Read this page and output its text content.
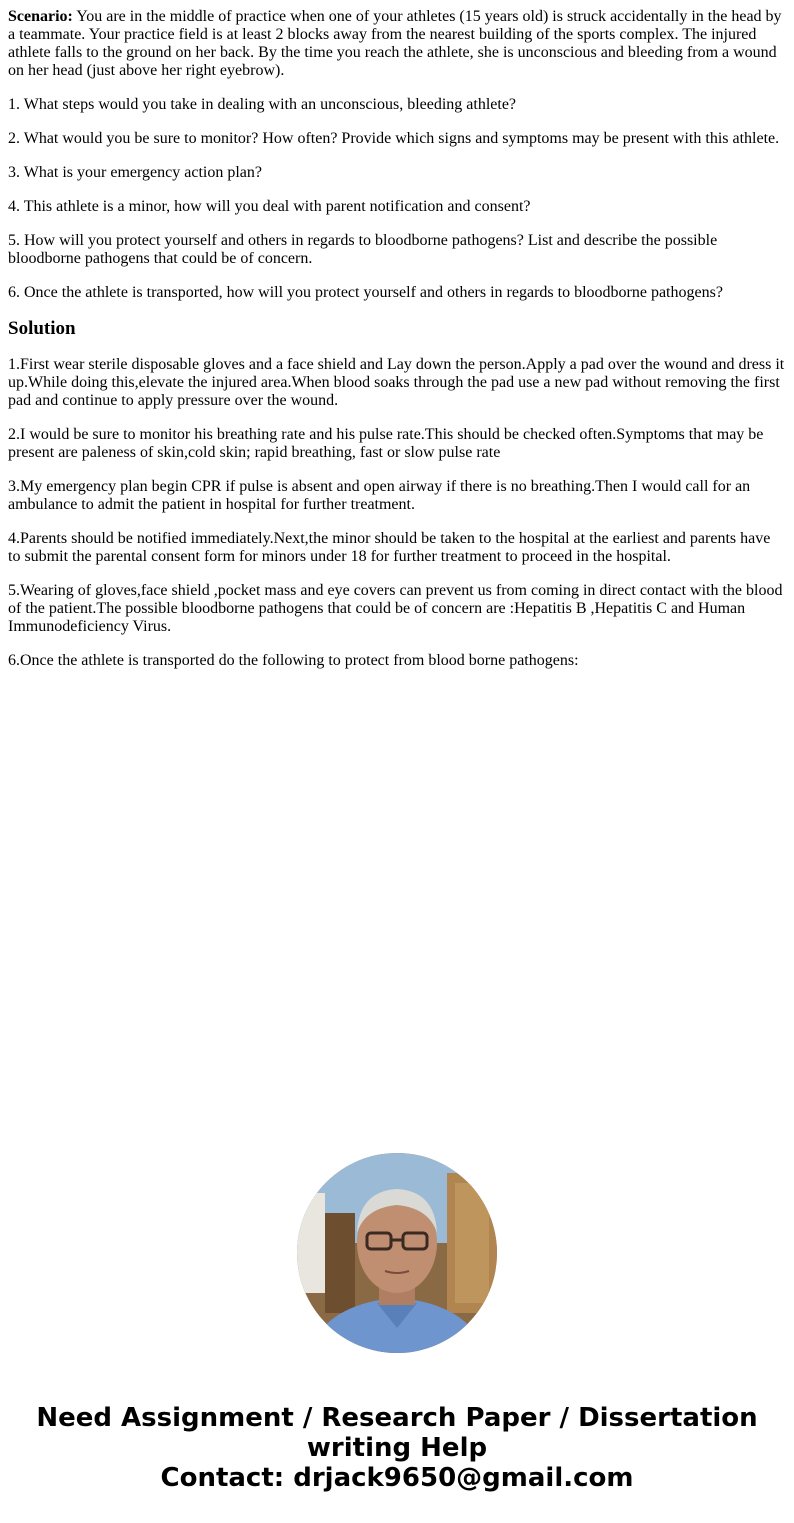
Scenario: You are in the middle of practice when one of your athletes (15 years old) is struck accidentally in the head by a teammate. Your practice field is at least 2 blocks away from the nearest building of the sports complex. The injured athlete falls to the ground on her back. By the time you reach the athlete, she is unconscious and bleeding from a wound on her head (just above her right eyebrow).

1. What steps would you take in dealing with an unconscious, bleeding athlete?

2. What would you be sure to monitor? How often? Provide which signs and symptoms may be present with this athlete.

3. What is your emergency action plan?

4. This athlete is a minor, how will you deal with parent notification and consent?

5. How will you protect yourself and others in regards to bloodborne pathogens? List and describe the possible bloodborne pathogens that could be of concern.

6. Once the athlete is transported, how will you protect yourself and others in regards to bloodborne pathogens?

Solution

1.First wear sterile disposable gloves and a face shield and Lay down the person.Apply a pad over the wound and dress it up.While doing this,elevate the injured area.When blood soaks through the pad use a new pad without removing the first pad and continue to apply pressure over the wound.

2.I would be sure to monitor his breathing rate and his pulse rate.This should be checked often.Symptoms that may be present are paleness of skin,cold skin; rapid breathing, fast or slow pulse rate

3.My emergency plan begin CPR if pulse is absent and open airway if there is no breathing.Then I would call for an ambulance to admit the patient in hospital for further treatment.

4.Parents should be notified immediately.Next,the minor should be taken to the hospital at the earliest and parents have to submit the parental consent form for minors under 18 for further treatment to proceed in the hospital.

5.Wearing of gloves,face shield ,pocket mass and eye covers can prevent us from coming in direct contact with the blood of the patient.The possible bloodborne pathogens that could be of concern are :Hepatitis B ,Hepatitis C and Human Immunodeficiency Virus.

6.Once the athlete is transported do the following to protect from blood borne pathogens:

Need Assignment / Research Paper / Dissertation writing Help
Contact: drjack9650@gmail.com
